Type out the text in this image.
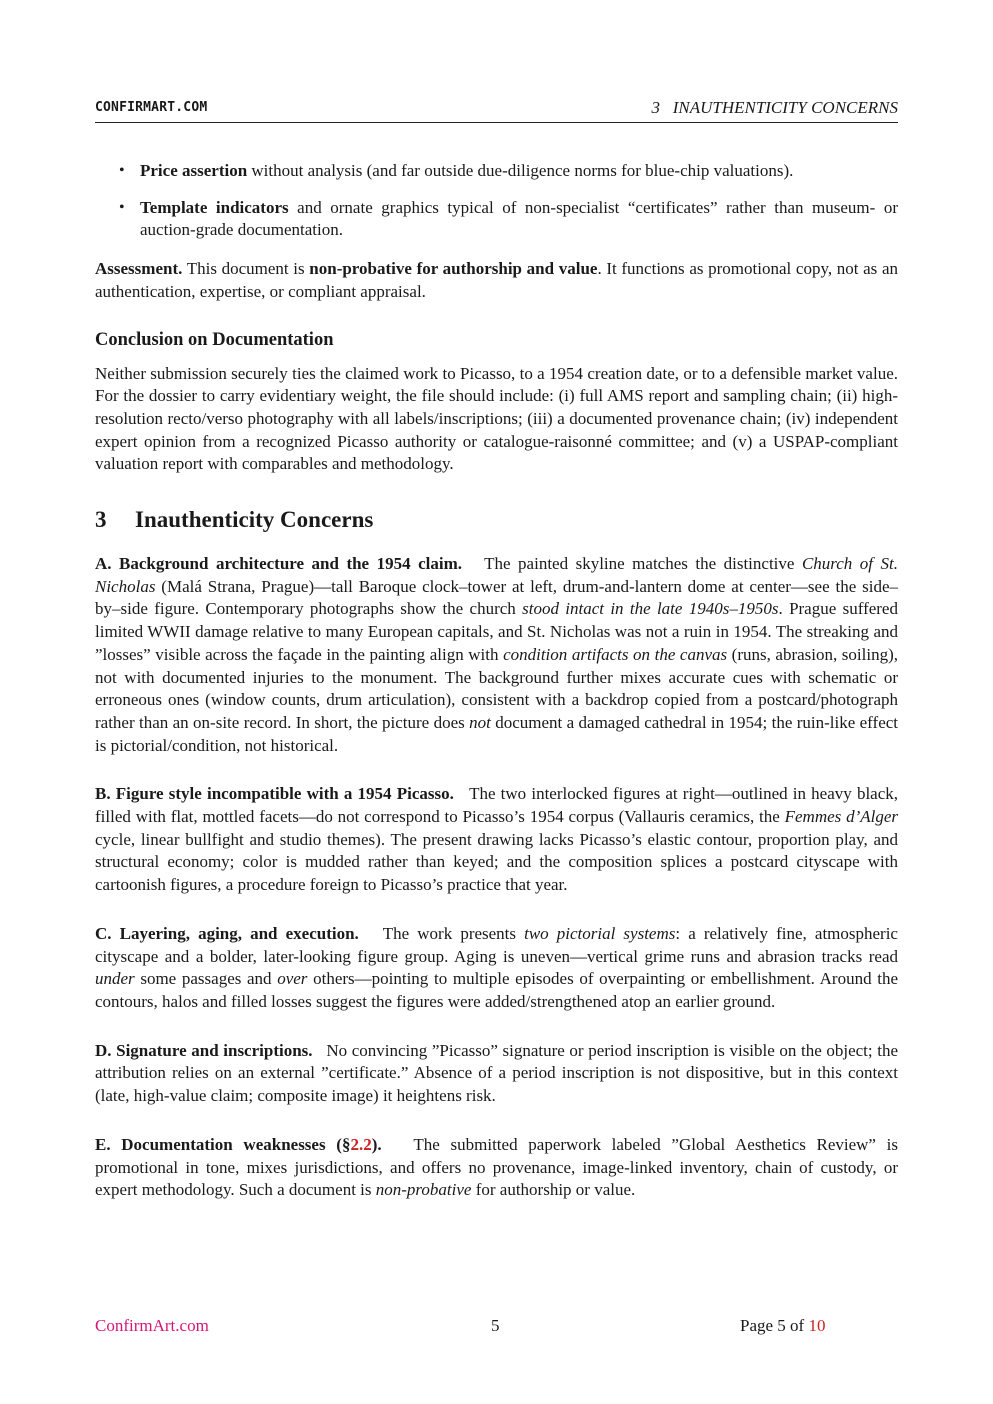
CONFIRMART.COM	3   INAUTHENTICITY CONCERNS
• Price assertion without analysis (and far outside due-diligence norms for blue-chip valuations).
• Template indicators and ornate graphics typical of non-specialist “certificates” rather than museum- or auction-grade documentation.

Assessment. This document is non-probative for authorship and value. It functions as promotional copy, not as an authentication, expertise, or compliant appraisal.

Conclusion on Documentation

Neither submission securely ties the claimed work to Picasso, to a 1954 creation date, or to a defensible market value. For the dossier to carry evidentiary weight, the file should include: (i) full AMS report and sampling chain; (ii) high-resolution recto/verso photography with all labels/inscriptions; (iii) a documented provenance chain; (iv) independent expert opinion from a recognized Picasso authority or catalogue-raisonné committee; and (v) a USPAP-compliant valuation report with comparables and methodology.

3 Inauthenticity Concerns

A. Background architecture and the 1954 claim.   The painted skyline matches the distinctive Church of St. Nicholas (Malá Strana, Prague)—tall Baroque clock–tower at left, drum-and-lantern dome at center—see the side–by–side figure. Contemporary photographs show the church stood intact in the late 1940s–1950s. Prague suffered limited WWII damage relative to many European capitals, and St. Nicholas was not a ruin in 1954. The streaking and ”losses” visible across the façade in the painting align with condition artifacts on the canvas (runs, abrasion, soiling), not with documented injuries to the monument. The background further mixes accurate cues with schematic or erroneous ones (window counts, drum articulation), consistent with a backdrop copied from a postcard/photograph rather than an on-site record. In short, the picture does not document a damaged cathedral in 1954; the ruin-like effect is pictorial/condition, not historical.

B. Figure style incompatible with a 1954 Picasso.   The two interlocked figures at right—outlined in heavy black, filled with flat, mottled facets—do not correspond to Picasso’s 1954 corpus (Vallauris ceramics, the Femmes d’Alger cycle, linear bullfight and studio themes). The present drawing lacks Picasso’s elastic contour, proportion play, and structural economy; color is mudded rather than keyed; and the composition splices a postcard cityscape with cartoonish figures, a procedure foreign to Picasso’s practice that year.

C. Layering, aging, and execution.   The work presents two pictorial systems: a relatively fine, atmospheric cityscape and a bolder, later-looking figure group. Aging is uneven—vertical grime runs and abrasion tracks read under some passages and over others—pointing to multiple episodes of overpainting or embellishment. Around the contours, halos and filled losses suggest the figures were added/strengthened atop an earlier ground.

D. Signature and inscriptions.   No convincing ”Picasso” signature or period inscription is visible on the object; the attribution relies on an external ”certificate.” Absence of a period inscription is not dispositive, but in this context (late, high-value claim; composite image) it heightens risk.

E. Documentation weaknesses (§2.2).   The submitted paperwork labeled ”Global Aesthetics Review” is promotional in tone, mixes jurisdictions, and offers no provenance, image-linked inventory, chain of custody, or expert methodology. Such a document is non-probative for authorship or value.

ConfirmArt.com	5	Page 5 of 10
